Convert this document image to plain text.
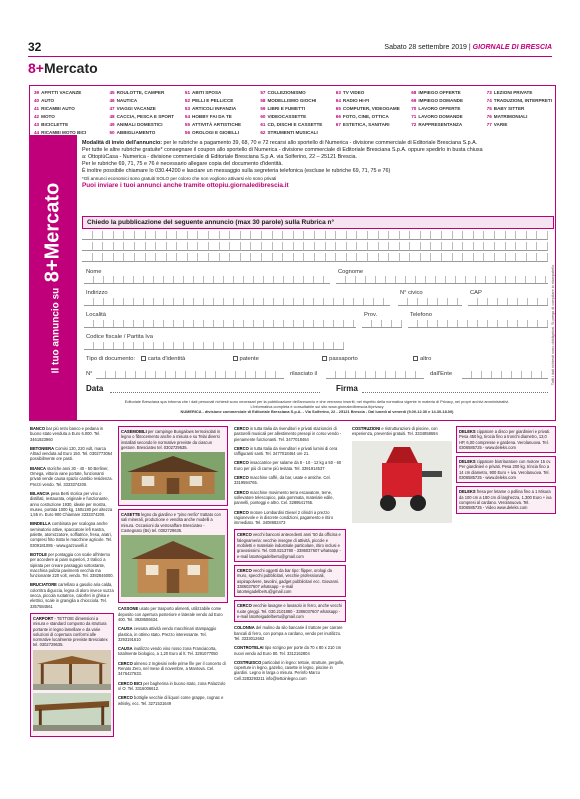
32	Sabato 28 settembre 2019 | GIORNALE DI BRESCIA
8+Mercato
39 AFFITTI VACANZE
40 AUTO
41 RICAMBI AUTO
42 MOTO
43 BICICLETTE
44 RICAMBI MOTO BICI
45 ROULOTTE, CAMPER
46 NAUTICA
47 VIAGGI VACANZE
48 CACCIA, PESCA E SPORT
49 ANIMALI DOMESTICI
50 ABBIGLIAMENTO
51 ABITI SPOSA
52 PELLI E PELLICCE
53 ARTICOLI INFANZIA
54 HOBBY FAI DA TE
55 ATTIVITÀ ARTISTICHE
56 OROLOGI E GIOIELLI
57 COLLEZIONISMO
58 MODELLISMO GIOCHI
59 LIBRI E FUMETTI
60 VIDEOCASSETTE
61 CD, DISCHI E CASSETTE
62 STRUMENTI MUSICALI
63 TV VIDEO
64 RADIO HI-FI
65 COMPUTER, VIDEOGAME
66 FOTO, CINE, OTTICA
67 ESTETICA, SANITARI
68 IMPIEGO OFFERTE
69 IMPIEGO DOMANDE
70 LAVORO OFFERTE
71 LAVORO DOMANDE
72 RAPPRESENTANZA
73 LEZIONI PRIVATE
74 TRADUZIONI, INTERPRETI
75 BABY SITTER
76 MATRIMONIALI
77 VARIE
Il tuo annuncio su 8+Mercato

Modalità di invio dell'annuncio: per le rubriche a pagamento 39, 68, 70 e 72 recarsi allo sportello di Numerica - divisione commerciale di Editoriale Bresciana S.p.A.

Per tutte le altre rubriche gratuite* consegnare il coupon allo sportello di Numerica - divisione commerciale di Editoriale Bresciana S.p.A. oppure spedirlo in busta chiusa

a: OttopiùCasa - Numerica - divisione commerciale di Editoriale Bresciana S.p.A. via Solferino, 22 – 25121 Brescia.

Per le rubriche 69, 71, 75 e 76 è necessario allegare copia del documento d'identità.

È inoltre possibile chiamare lo 030.44200 e lasciare un messaggio sulla segreteria telefonica (escluse le rubriche 69, 71, 75 e 76)

*Gli annunci economici sono gratuiti SOLO per coloro che non vogliono attivarsi e/o sono privati

Puoi inviare i tuoi annunci anche tramite ottopiu.giornaledibrescia.it

Chiedo la pubblicazione del seguente annuncio (max 30 parole) sulla Rubrica n°
Nome	Cognome
Indirizzo	N° civico	CAP
Località	Prov.	Telefono
Codice fiscale / Partita Iva
Tipo di documento: carta d'identità	patente	passaporto	altro
N°	rilasciato il	dall'Ente
Data	Firma
Tutti i dati richiesti sono obbligatori. Si prega di compilare in stampatello
Editoriale Bresciana spa informa che i dati personali richiesti sono necessari per la pubblicazione dell'annuncio e che verranno inseriti, nel rispetto della normativa vigente in materia di Privacy, nei propri archivi amministrativi.
L'informativa completa è consultabile sul sito www.giornaledibrescia.it/privacy
NUMERICA - divisione commerciale di Editoriale Bresciana S.p.A. - Via Solferino, 22 - 25121 Brescia - Dal lunedì al venerdì (9.00-12.30 e 14.30-18.00)
BANCO bar più retro banco e pedana in buono stato venduta a Euro 6.000. Tel. 3461923960
BETONIERA Comisi 130, 220 volt, marca Altrad venduta ad Euro 150. Tel. 0302773064 possibilmente ore pasti.
BIANCA storiche anni 30 - 40 - 50 Berliner, Omega, vittoria vane portate, funzionanti privati vende causa spazio cambio residenza. Prezzi vendo. Tel. 3333374200.
BILANCIA pesa Berti storica per vino o distillati, restaurata, originale e funzionante, anno costruzione 1930, ideale per mostra, museo, portata 1000 kg, 150x180 per altezza 1,55 m. Euro 900 Chiamare 3333374200.
BINDELLA combinata per scalogna anche seminatorio attive, spaccatore lefi Kastra, palette, atomizzatore, soffiatrice, fresa, aratri, compresi frito tratto le macchine agricole. Tel. 0309181085 - www.gazzuvelli.it
BOTOLE per pontaggia con scale all'interno per accedere ai piani superiori, 2 tralicci a sipirata per creare passaggio sottostante, macchina pulizia pavimenti vecchia ma funzionante 220 volt, vendo. Tel. 3382846000.
BRUCIATORE carrellato a gasolio aria calda, colorritra diguccia, legna di aloro invece suzza secca, piccola ruotatrice, calorferi in ghisa e elettrici, scale in graniglia a chiocciola. Tel. 3357584561
CARPORT - TETTOIE dimensioni a misura e standard composto da struttura portante in legno lamellare e da varie soluzioni di copertura conformi alle normative localmente previste Bresciatex tel. 0302729635.
CASEMOBILI per campinge Bungalows termoisolati in legno o fibrocemento anche a misura e su Telai diversi installati secondo le normative previste da ciascun gestore. Bresciatex tel. 0302729635.
CASETTE legno da giardino e "pino renfio" trattato con sali minerali, produzione e vendita anche modelli a misura. Occasioni da vetrosaffare Bresciatex - Castegnato (Bs) tel. 0302729635.
CASSONE usato per trasporto alimenti, utilizzabile come deposito con apertura posteriore e laterale vendo ad Euro 400. Tel. 3928606634.
CAUSA cessata attività vendo macchinari stampaggio plastica, in ottimo stato. Prezzo interessante. Tel. 3293191610
CAUSA inutilizzo vendo vino rosso zona Franciacorta, totalmente biologico, a 1,20 Euro al lt. Tel. 3291077050
CERCO almeno 2 Inglesini nelle prime file per il concerto di Renato Zero, nel mese di novembre, a Mantova. Cel. 3476427633.
CERCO BICI per bagherina in buono stato, zona Palazzolo s/ O. Tel. 3316006612.
CERCO bottiglie vecchie di liquori come grappe, cognac e whisky, ecc. Tel. 3271531649
CERCO in tutta Italia da rivenditori e privati stazioncini di pastorelli musicali per allestimento presepi in corso vendo - pienamente funzionanti. Tel. 3477018464
CERCO in tutta Italia da rivenditori e privati lumini di cera raffiguranti santi. Tel. 3477018464 ore 21.
CERCO insaccatrice per salame da 8 - 10 - 12 kg a 50 - 60 Euro per più di carne più testata. Tel. 3391914537
CERCO macchine caffè, da bar, usate e antiche. Cel. 3319594765.
CERCO macchine movimento terra escavatore, terne, sollevatore telescopico, pala gommata, materiale edile, pannelli, ponteggi e altro. Cel. 3289541765.
CERCO motore Lombardini Diesel 2 cilindri a prezzo ragionevole e in discrete condizioni, pagamento e ritiro immediato. Tel. 3408682473
CERCO vecchi banconi antecedenti anni '50 da officina e falegnameria: vecchie insegne di attività, piccole e mobiletti e materiale industriale particolare, ritiro inclusi e gravosissimi. Tel. 030.8213780 - 3386037607 whatsapp - e-mail latorteigadelbertu@gmail.com
CERCO vecchi oggetti da bar tipo: flipper, orologi da muro, specchi pubblicitari, vecchie professionali, aspirapolvere, tavolini, gadget pubblicitari ecc. Giovanni. 3386037607 whatsapp - e-mail latorteigadelbertu@gmail.com
CERCO vecchie lavagne e lavasolo in ferro, anche vecchi ruote greggi. Tel. 030.2101880 - 3386037607 whatsapp - e-mail latorteigadelbertu@gmail.com
COLONNA del mulino da silo bancarie il trattore per carrare bancali di ferro, con pompa a cardano, vendo per inutilizzo. Tel. 3333012662
CONTROTELAI tipo scrigno per porte da 70 x 80 x 210 cm nuovi vendo ad Euro 80. Tel. 3312162804
COSTRUISCO particolari in legno: tettoie, strutture, pergolle, coperture in legno, gazebo, casette in legno, piscine in giardini. Legno in larga o misura. Perinfo Marco Cell.3283293211 info@tettoinlegno.com
COSTRUZIONI e ristrutturazioni di piscine, con esperienza, preventivi gratuiti. Tel. 3334858694	DELEKS cippatore a disco per giardinieri e privati. Pesa 450 kg, tirocia fino a tronchi diametro, 13,0 HP, 6,00 compresse e gardena. Verolanuova. Tel. 0306585725 - www.deleks.com
DELEKS cippatore biotrituratore con motore 15 cv. Per giardinieri e privati. Pesa 200 kg. trincia fino a 14 cm diametro, 900 Euro + iva. Verolanuova. Tel. 0306585725 - www.deleks.com
DELEKS fresa per letame o pollina fino a 1 Misura da 100 cm a 180 cm di larghezza, 1.300 Euro + iva compresi al cardano. Verolanuova. Tel. 0306585725 - Video www.deleks.com
